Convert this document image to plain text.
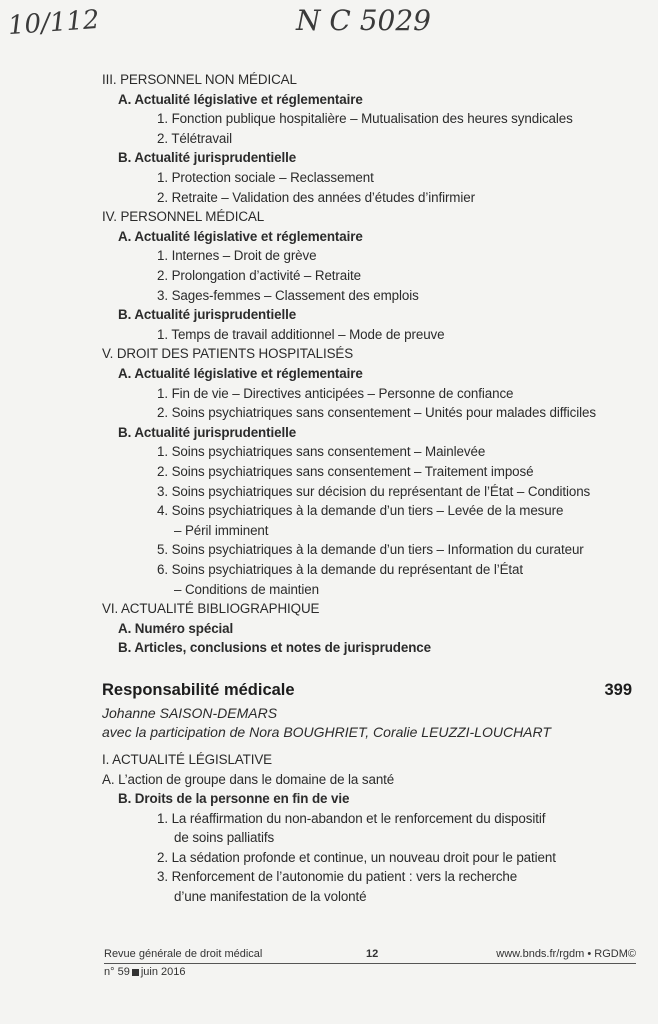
10/112	N C 5029
III. PERSONNEL NON MÉDICAL
A. Actualité législative et réglementaire
1. Fonction publique hospitalière – Mutualisation des heures syndicales
2. Télétravail
B. Actualité jurisprudentielle
1. Protection sociale – Reclassement
2. Retraite – Validation des années d’études d’infirmier
IV. PERSONNEL MÉDICAL
A. Actualité législative et réglementaire
1. Internes – Droit de grève
2. Prolongation d’activité – Retraite
3. Sages-femmes – Classement des emplois
B. Actualité jurisprudentielle
1. Temps de travail additionnel – Mode de preuve
V. DROIT DES PATIENTS HOSPITALISÉS
A. Actualité législative et réglementaire
1. Fin de vie – Directives anticipées – Personne de confiance
2. Soins psychiatriques sans consentement – Unités pour malades difficiles
B. Actualité jurisprudentielle
1. Soins psychiatriques sans consentement – Mainlevée
2. Soins psychiatriques sans consentement – Traitement imposé
3. Soins psychiatriques sur décision du représentant de l’État – Conditions
4. Soins psychiatriques à la demande d’un tiers – Levée de la mesure
– Péril imminent
5. Soins psychiatriques à la demande d’un tiers – Information du curateur
6. Soins psychiatriques à la demande du représentant de l’État
– Conditions de maintien
VI. ACTUALITÉ BIBLIOGRAPHIQUE
A. Numéro spécial
B. Articles, conclusions et notes de jurisprudence
Responsabilité médicale	399
Johanne SAISON-DEMARS
avec la participation de Nora BOUGHRIET, Coralie LEUZZI-LOUCHART
I. ACTUALITÉ LÉGISLATIVE
A. L’action de groupe dans le domaine de la santé
B. Droits de la personne en fin de vie
1. La réaffirmation du non-abandon et le renforcement du dispositif
de soins palliatifs
2. La sédation profonde et continue, un nouveau droit pour le patient
3. Renforcement de l’autonomie du patient : vers la recherche
d’une manifestation de la volonté
Revue générale de droit médical	12	www.bnds.fr/rgdm • RGDM©
n° 59 juin 2016
